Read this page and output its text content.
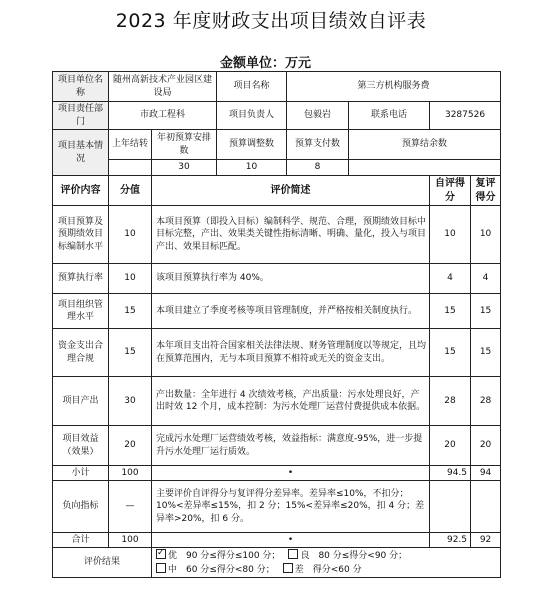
2023 年度财政支出项目绩效自评表
金额单位：万元
项目单位名称	随州高新技术产业园区建设局		项目名称	第三方机构服务费			
项目责任部门	市政工程科		项目负责人	包毅岩	联系电话	3287526	
项目基本情况	上年结转	年初预算安排数	预算调整数	预算支付数	预算结余数		
		30	10	8			
评价内容	分值	评价简述				自评得分	复评得分
项目预算及预期绩效目标编制水平	10	本项目预算（即投入目标）编制科学、规范、合理，预期绩效目标中目标完整，产出、效果类关键性指标清晰、明确、量化，投入与项目产出、效果目标匹配。				10	10
预算执行率	10	该项目预算执行率为 40%。				4	4
项目组织管理水平	15	本项目建立了季度考核等项目管理制度，并严格按相关制度执行。				15	15
资金支出合理合规	15	本年项目支出符合国家相关法律法规、财务管理制度以等规定，且均在预算范围内，无与本项目预算不相符或无关的资金支出。				15	15
项目产出	30	产出数量：全年进行 4 次绩效考核，产出质量：污水处理良好，产出时效 12 个月，成本控制：为污水处理厂运营付费提供成本依据。				28	28
项目效益（效果）	20	完成污水处理厂运营绩效考核，效益指标：满意度-95%，进一步提升污水处理厂运行质效。				20	20
小计	100	•				94.5	94
负向指标	—	主要评价自评得分与复评得分差异率。差异率≤10%，不扣分；10%<差异率≤15%，扣 2 分；15%<差异率≤20%，扣 4 分；差异率>20%，扣 6 分。					
合计	100	•				92.5	92
评价结果	✓优　90 分≤得分≤100 分； 良　80 分≤得分<90 分；
中　60 分≤得分<80 分； 差　得分<60 分
